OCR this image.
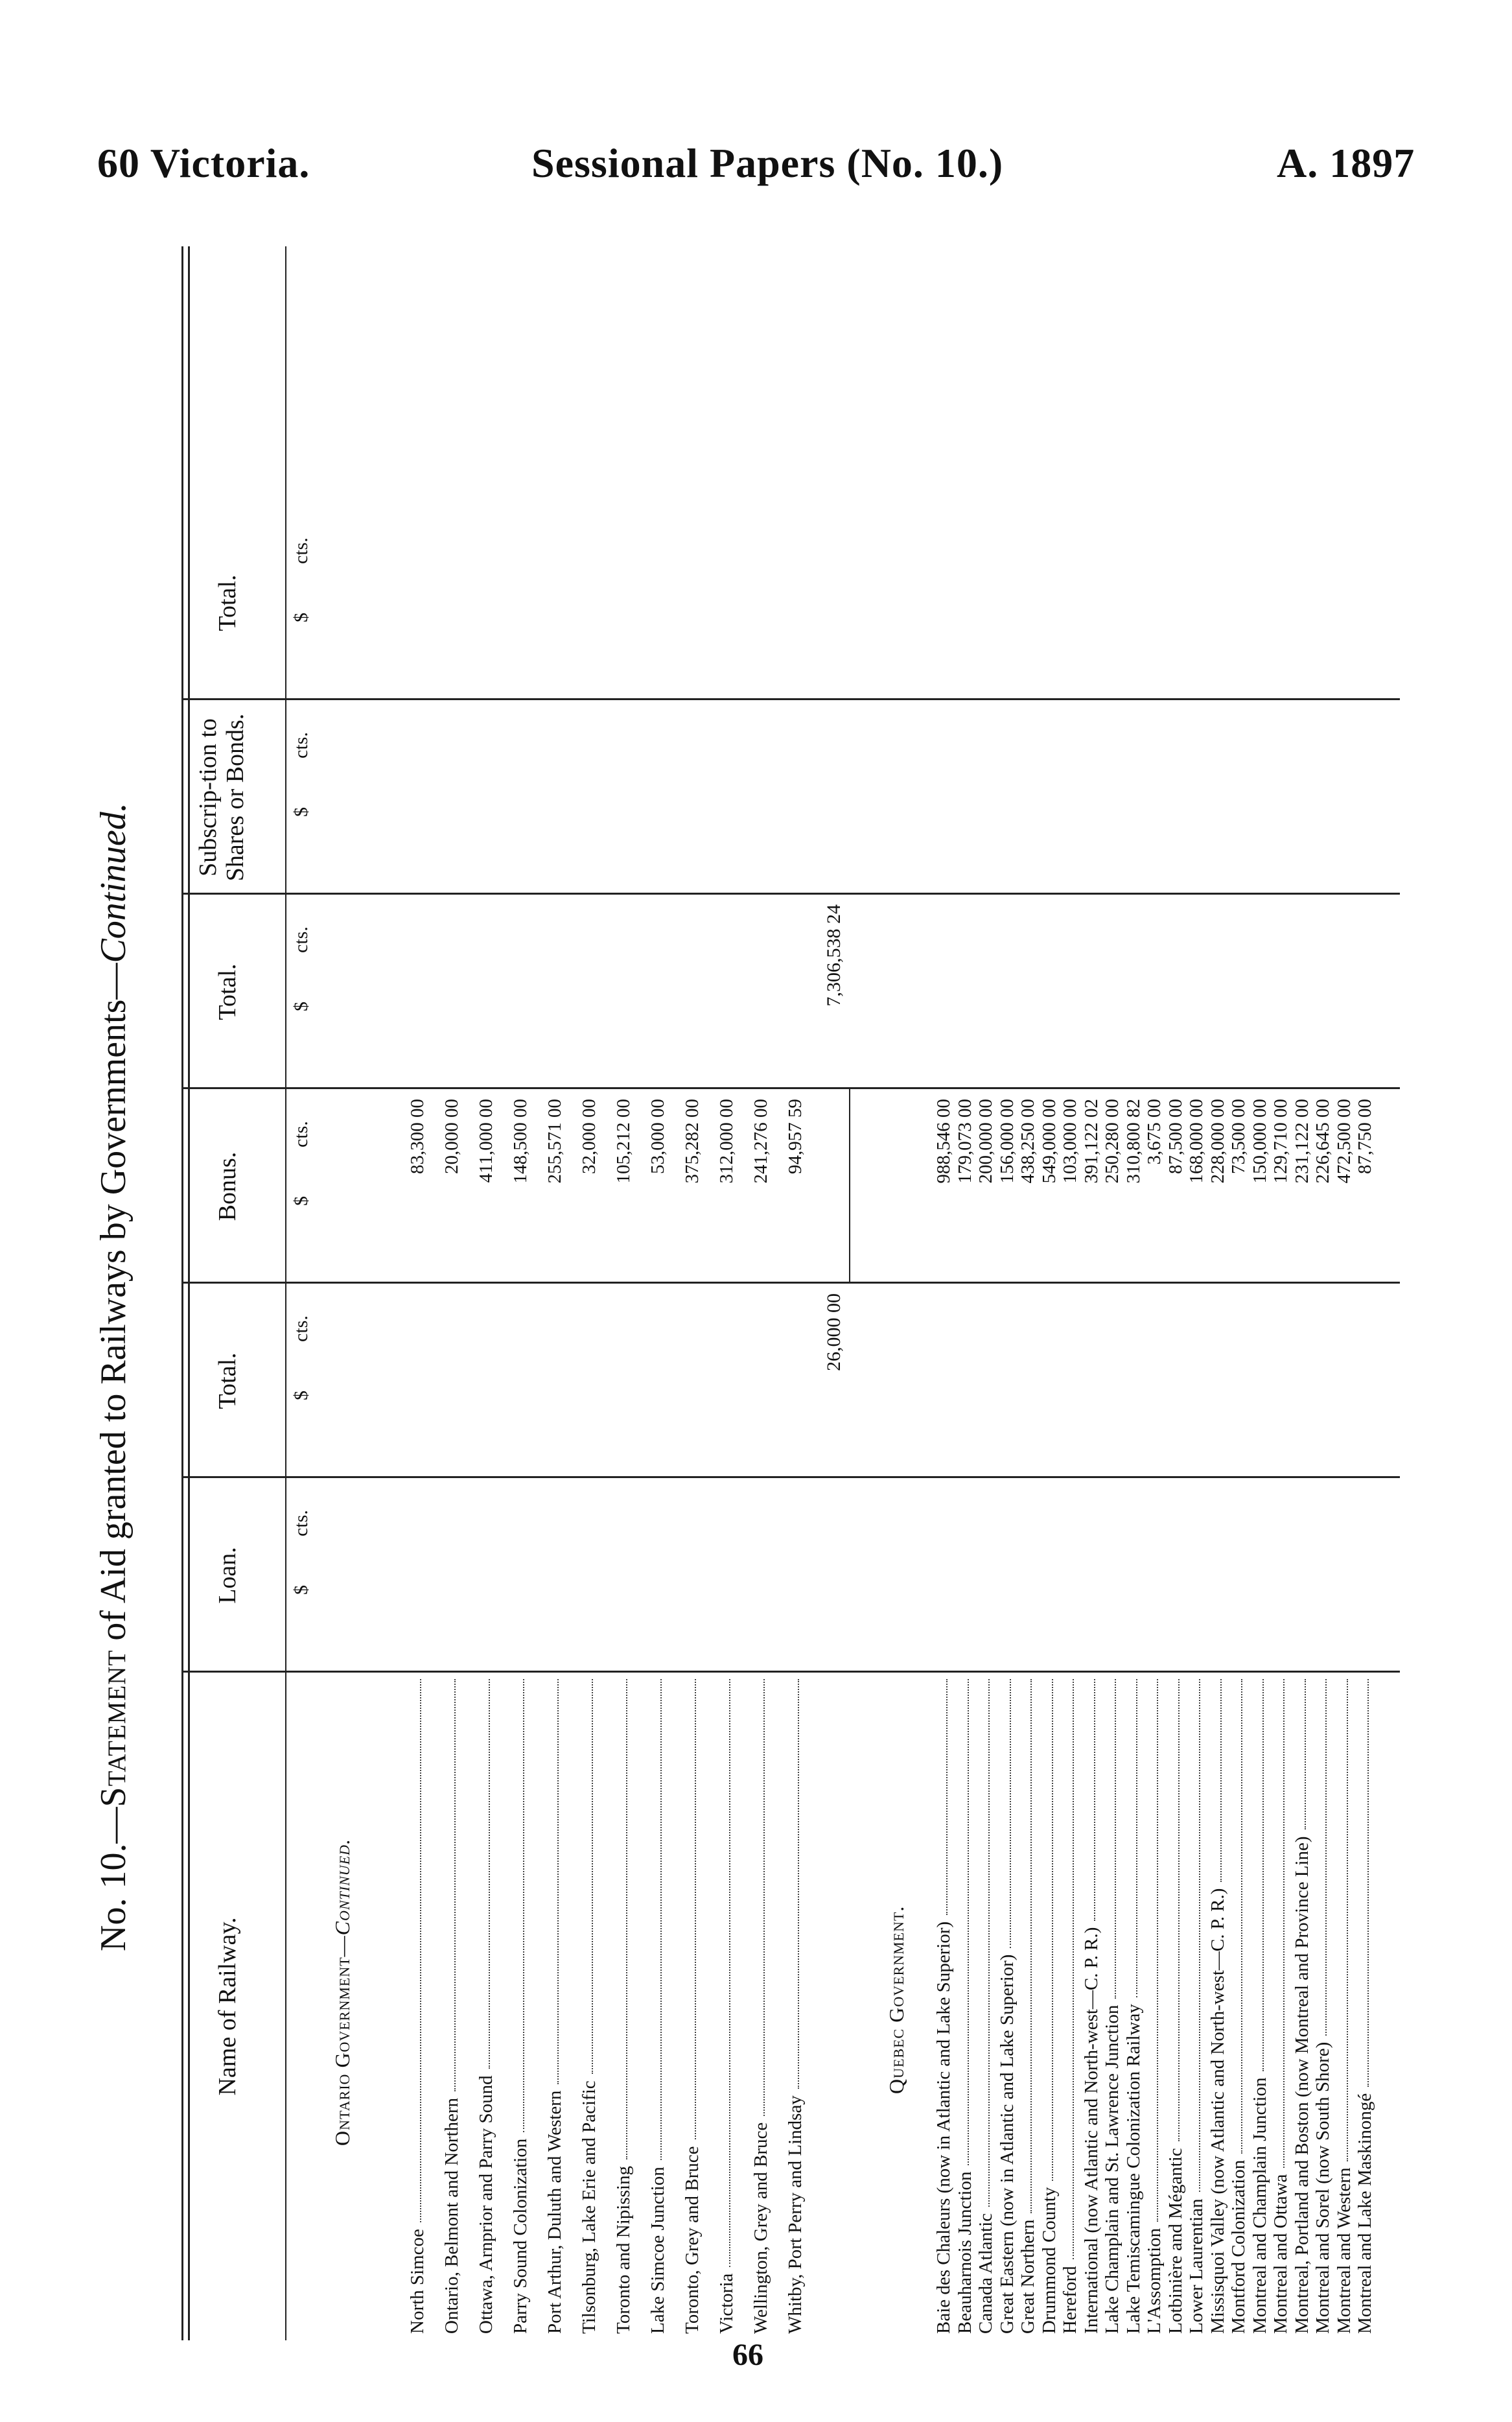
60 Victoria.	Sessional Papers (No. 10.)	A. 1897
No. 10.—Statement of Aid granted to Railways by Governments—Continued.
Name of Railway.
Loan.
Total.
Bonus.
Total.
Subscrip-tion to Shares or Bonds.
Total.
$
cts.
$
cts.
$
cts.
$
cts.
$
cts.
$
cts.
Ontario Government—Continued.
North Simcoe
83,300 00
Ontario, Belmont and Northern
20,000 00
Ottawa, Arnprior and Parry Sound
411,000 00
Parry Sound Colonization
148,500 00
Port Arthur, Duluth and Western
255,571 00
Tilsonburg, Lake Erie and Pacific
32,000 00
Toronto and Nipissing
105,212 00
Lake Simcoe Junction
53,000 00
Toronto, Grey and Bruce
375,282 00
Victoria
312,000 00
Wellington, Grey and Bruce
241,276 00
Whitby, Port Perry and Lindsay
94,957 59
26,000 00
7,306,538 24
Quebec Government. Baie des Chaleurs (now in Atlantic and Lake Superior)
988,546 00
Beauharnois Junction
179,073 00
Canada Atlantic
200,000 00
Great Eastern (now in Atlantic and Lake Superior)
156,000 00
Great Northern
438,250 00
Drummond County
549,000 00
Hereford
103,000 00
International (now Atlantic and North-west—C. P. R.)
391,122 02
Lake Champlain and St. Lawrence Junction
250,280 00
Lake Temiscamingue Colonization Railway
310,800 82
L'Assomption
3,675 00
Lotbinière and Mégantic
87,500 00
Lower Laurentian
168,000 00
Missisquoi Valley (now Atlantic and North-west—C. P. R.)
228,000 00
Montford Colonization
73,500 00
Montreal and Champlain Junction
150,000 00
Montreal and Ottawa
129,710 00
Montreal, Portland and Boston (now Montreal and Province Line)
231,122 00
Montreal and Sorel (now South Shore)
226,645 00
Montreal and Western
472,500 00
Montreal and Lake Maskinongé
87,750 00
66
